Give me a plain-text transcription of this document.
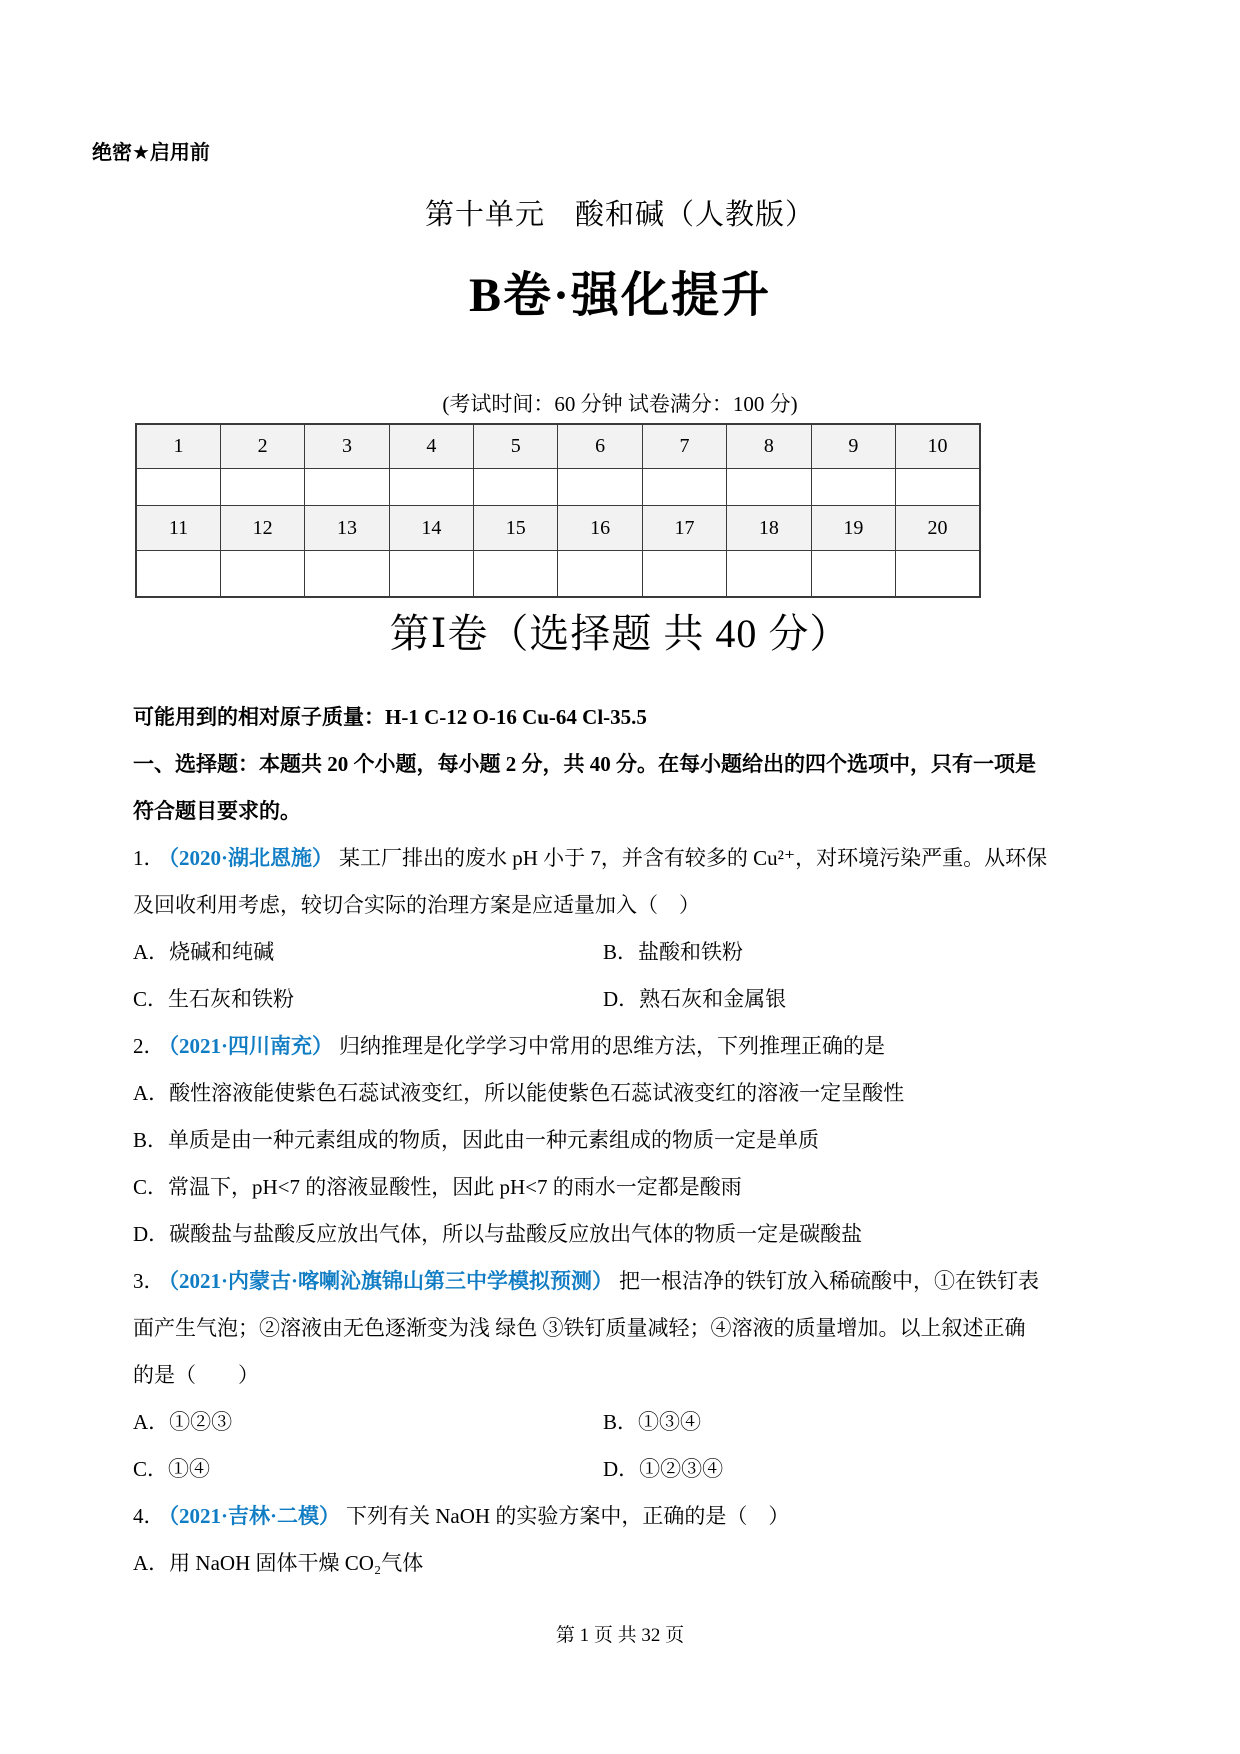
绝密★启用前
第十单元　酸和碱（人教版）
B卷·强化提升
(考试时间：60 分钟 试卷满分：100 分)
1	2	3	4	5	6	7	8	9	10

11	12	13	14	15	16	17	18	19	20

第Ⅰ卷（选择题 共 40 分）
可能用到的相对原子质量：H-1 C-12 O-16 Cu-64 Cl-35.5
一、选择题：本题共 20 个小题，每小题 2 分，共 40 分。在每小题给出的四个选项中，只有一项是
符合题目要求的。
1． （2020·湖北恩施） 某工厂排出的废水 pH 小于 7，并含有较多的 Cu²⁺，对环境污染严重。从环保
及回收利用考虑，较切合实际的治理方案是应适量加入（　）
A．烧碱和纯碱	B．盐酸和铁粉
C．生石灰和铁粉	D．熟石灰和金属银
2． （2021·四川南充） 归纳推理是化学学习中常用的思维方法，下列推理正确的是
A．酸性溶液能使紫色石蕊试液变红，所以能使紫色石蕊试液变红的溶液一定呈酸性
B．单质是由一种元素组成的物质，因此由一种元素组成的物质一定是单质
C．常温下，pH<7 的溶液显酸性，因此 pH<7 的雨水一定都是酸雨
D．碳酸盐与盐酸反应放出气体，所以与盐酸反应放出气体的物质一定是碳酸盐
3． （2021·内蒙古·喀喇沁旗锦山第三中学模拟预测） 把一根洁净的铁钉放入稀硫酸中，①在铁钉表
面产生气泡；②溶液由无色逐渐变为浅 绿色 ③铁钉质量减轻；④溶液的质量增加。以上叙述正确
的是（　　）
A．①②③	B．①③④
C．①④	D．①②③④
4． （2021·吉林·二模） 下列有关 NaOH 的实验方案中，正确的是（　）
A．用 NaOH 固体干燥 CO₂气体
第 1 页 共 32 页
